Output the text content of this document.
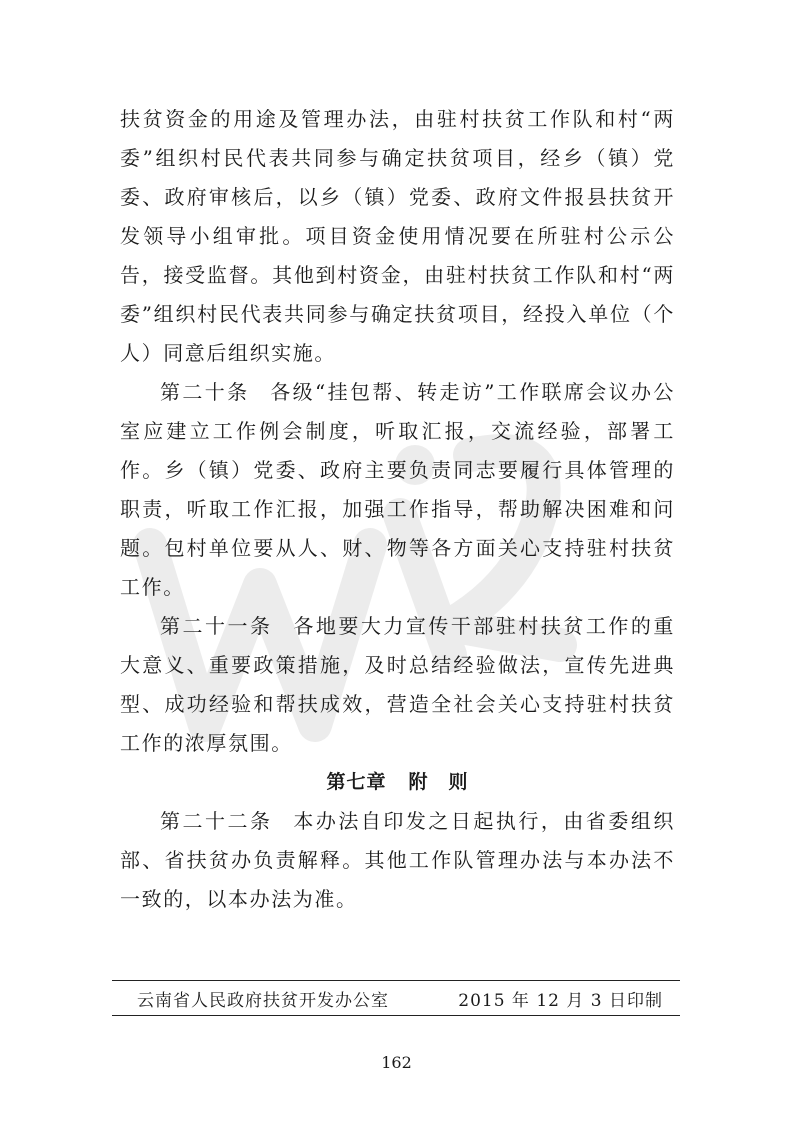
扶贫资金的用途及管理办法，由驻村扶贫工作队和村“两委”组织村民代表共同参与确定扶贫项目，经乡（镇）党委、政府审核后，以乡（镇）党委、政府文件报县扶贫开发领导小组审批。项目资金使用情况要在所驻村公示公告，接受监督。其他到村资金，由驻村扶贫工作队和村“两委”组织村民代表共同参与确定扶贫项目，经投入单位（个人）同意后组织实施。

第二十条 各级“挂包帮、转走访”工作联席会议办公室应建立工作例会制度，听取汇报，交流经验，部署工作。乡（镇）党委、政府主要负责同志要履行具体管理的职责，听取工作汇报，加强工作指导，帮助解决困难和问题。包村单位要从人、财、物等各方面关心支持驻村扶贫工作。

第二十一条 各地要大力宣传干部驻村扶贫工作的重大意义、重要政策措施，及时总结经验做法，宣传先进典型、成功经验和帮扶成效，营造全社会关心支持驻村扶贫工作的浓厚氛围。

第七章 附　则

第二十二条 本办法自印发之日起执行，由省委组织部、省扶贫办负责解释。其他工作队管理办法与本办法不一致的，以本办法为准。

云南省人民政府扶贫开发办公室	2015 年 12 月 3 日印制
162
